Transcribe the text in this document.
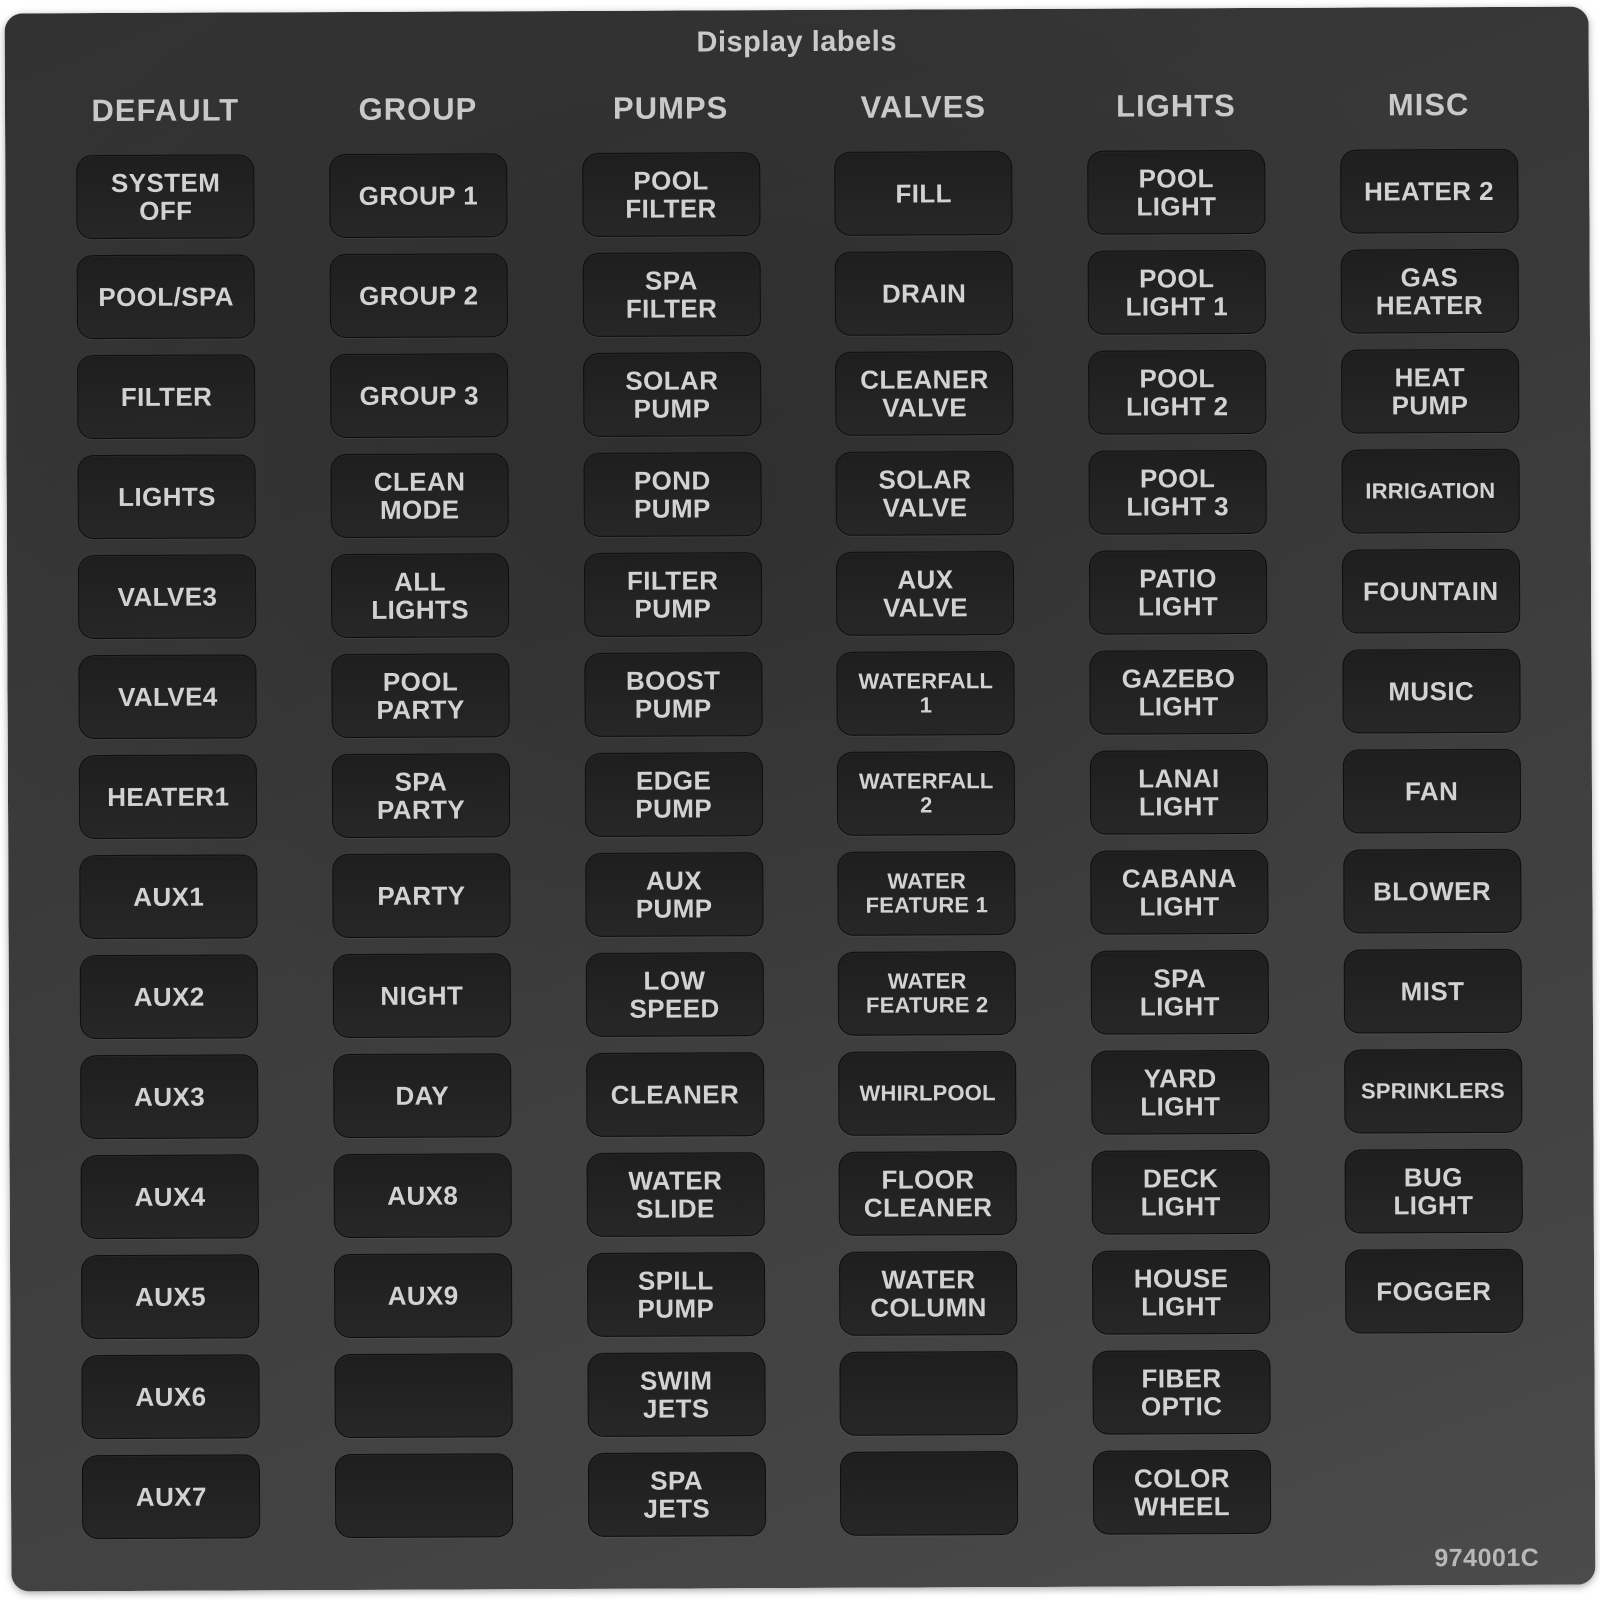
Display labels
DEFAULT
SYSTEM
OFF
POOL/SPA
FILTER
LIGHTS
VALVE3
VALVE4
HEATER1
AUX1
AUX2
AUX3
AUX4
AUX5
AUX6
AUX7
GROUP
GROUP 1
GROUP 2
GROUP 3
CLEAN
MODE
ALL
LIGHTS
POOL
PARTY
SPA
PARTY
PARTY
NIGHT
DAY
AUX8
AUX9
PUMPS
POOL
FILTER
SPA
FILTER
SOLAR
PUMP
POND
PUMP
FILTER
PUMP
BOOST
PUMP
EDGE
PUMP
AUX
PUMP
LOW
SPEED
CLEANER
WATER
SLIDE
SPILL
PUMP
SWIM
JETS
SPA
JETS
VALVES
FILL
DRAIN
CLEANER
VALVE
SOLAR
VALVE
AUX
VALVE
WATERFALL
1
WATERFALL
2
WATER
FEATURE 1
WATER
FEATURE 2
WHIRLPOOL
FLOOR
CLEANER
WATER
COLUMN
LIGHTS
POOL
LIGHT
POOL
LIGHT 1
POOL
LIGHT 2
POOL
LIGHT 3
PATIO
LIGHT
GAZEBO
LIGHT
LANAI
LIGHT
CABANA
LIGHT
SPA
LIGHT
YARD
LIGHT
DECK
LIGHT
HOUSE
LIGHT
FIBER
OPTIC
COLOR
WHEEL
MISC
HEATER 2
GAS
HEATER
HEAT
PUMP
IRRIGATION
FOUNTAIN
MUSIC
FAN
BLOWER
MIST
SPRINKLERS
BUG
LIGHT
FOGGER
974001C
